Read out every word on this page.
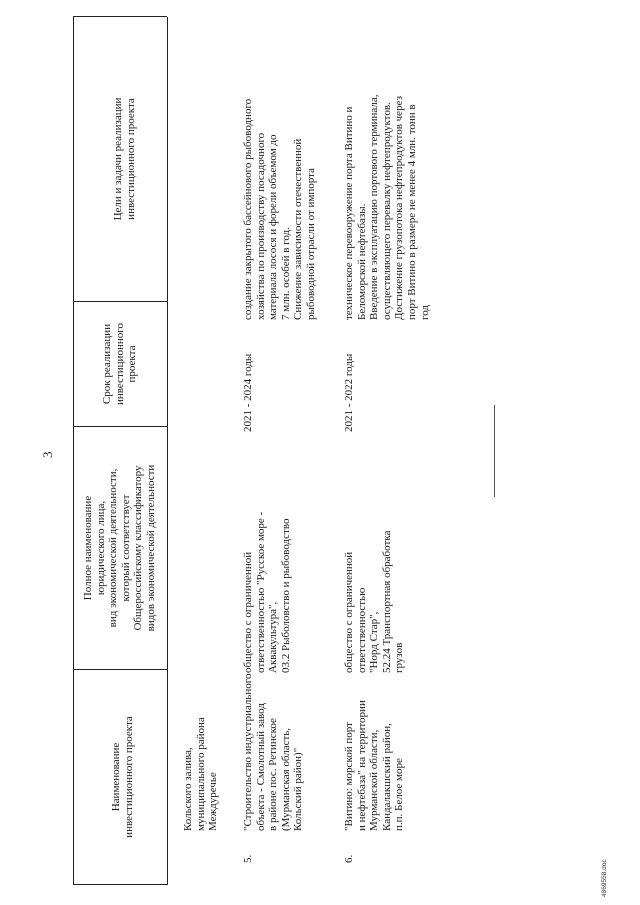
3
Наименование
инвестиционного проекта
Полное наименование
юридического лица,
вид экономической деятельности,
который соответствует
Общероссийскому классификатору
видов экономической деятельности
Срок реализации
инвестиционного
проекта
Цели и задачи реализации
инвестиционного проекта
Кольского залива,
муниципального района
Междуречье
5.
"Строительство индустриального
объекта - Смолотный завод
в районе пос. Ретинское
(Мурманская область,
Кольский район)"
общество с ограниченной
ответственностью "Русское море -
Аквакультура",
03.2 Рыболовство и рыбоводство
2021 - 2024 годы
создание закрытого бассейнового рыбоводного
хозяйства по производству посадочного
материала лосося и форели объемом до
7 млн. особей в год.
Снижение зависимости отечественной
рыбоводной отрасли от импорта
6.
"Витино: морской порт
и нефтебаза" на территории
Мурманской области,
Кандалакшский район,
п.п. Белое море
общество с ограниченной
ответственностью
"Норд Стар",
52.24 Транспортная обработка
грузов
2021 - 2022 годы
техническое перевооружение порта Витино и
Беломорской нефтебазы.
Введение в эксплуатацию портового терминала,
осуществляющего перевалку нефтепродуктов.
Достижение грузопотока нефтепродуктов через
порт Витино в размере не менее 4 млн. тонн в
год
4869558.doc
